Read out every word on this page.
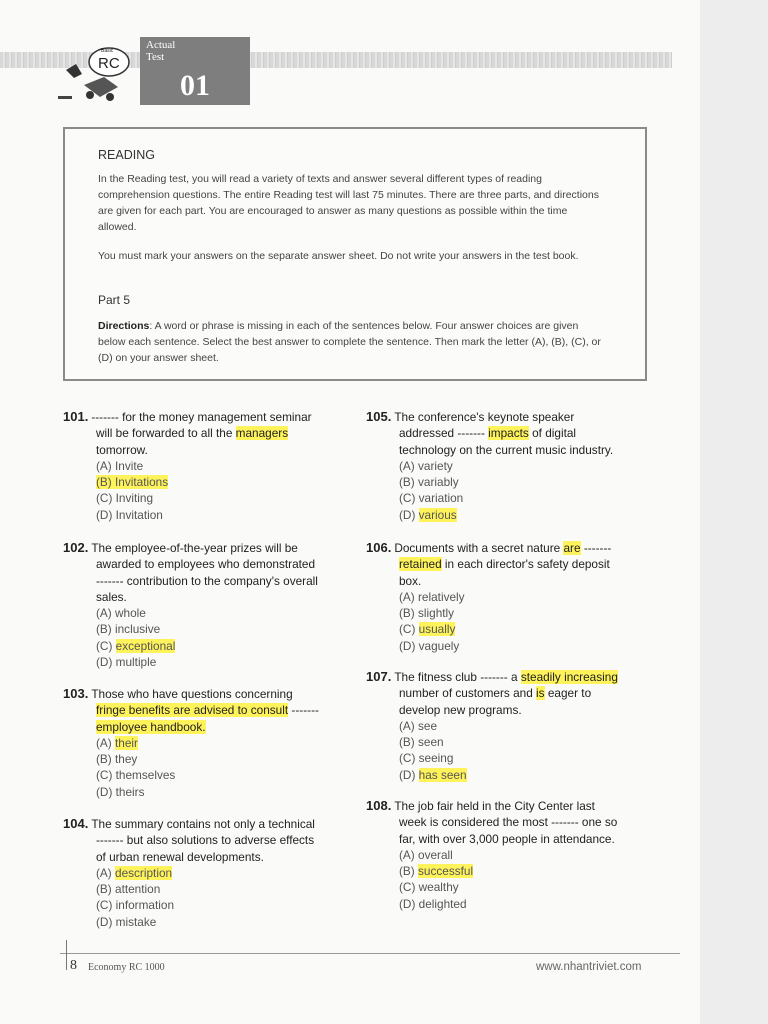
RC
Basic	Actual
Test
01
READING
In the Reading test, you will read a variety of texts and answer several different types of reading comprehension questions. The entire Reading test will last 75 minutes. There are three parts, and directions are given for each part. You are encouraged to answer as many questions as possible within the time allowed.
You must mark your answers on the separate answer sheet. Do not write your answers in the test book.
Part 5
Directions: A word or phrase is missing in each of the sentences below. Four answer choices are given below each sentence. Select the best answer to complete the sentence. Then mark the letter (A), (B), (C), or (D) on your answer sheet.
101. ------- for the money management seminar
will be forwarded to all the managers
tomorrow.
(A) Invite
(B) Invitations
(C) Inviting
(D) Invitation
102. The employee-of-the-year prizes will be
awarded to employees who demonstrated
------- contribution to the company's overall
sales.
(A) whole
(B) inclusive
(C) exceptional
(D) multiple
103. Those who have questions concerning
fringe benefits are advised to consult -------
employee handbook.
(A) their
(B) they
(C) themselves
(D) theirs
104. The summary contains not only a technical
------- but also solutions to adverse effects
of urban renewal developments.
(A) description
(B) attention
(C) information
(D) mistake
105. The conference's keynote speaker
addressed ------- impacts of digital
technology on the current music industry.
(A) variety
(B) variably
(C) variation
(D) various
106. Documents with a secret nature are -------
retained in each director's safety deposit
box.
(A) relatively
(B) slightly
(C) usually
(D) vaguely
107. The fitness club ------- a steadily increasing
number of customers and is eager to
develop new programs.
(A) see
(B) seen
(C) seeing
(D) has seen
108. The job fair held in the City Center last
week is considered the most ------- one so
far, with over 3,000 people in attendance.
(A) overall
(B) successful
(C) wealthy
(D) delighted
8 Economy RC 1000	www.nhantriviet.com
